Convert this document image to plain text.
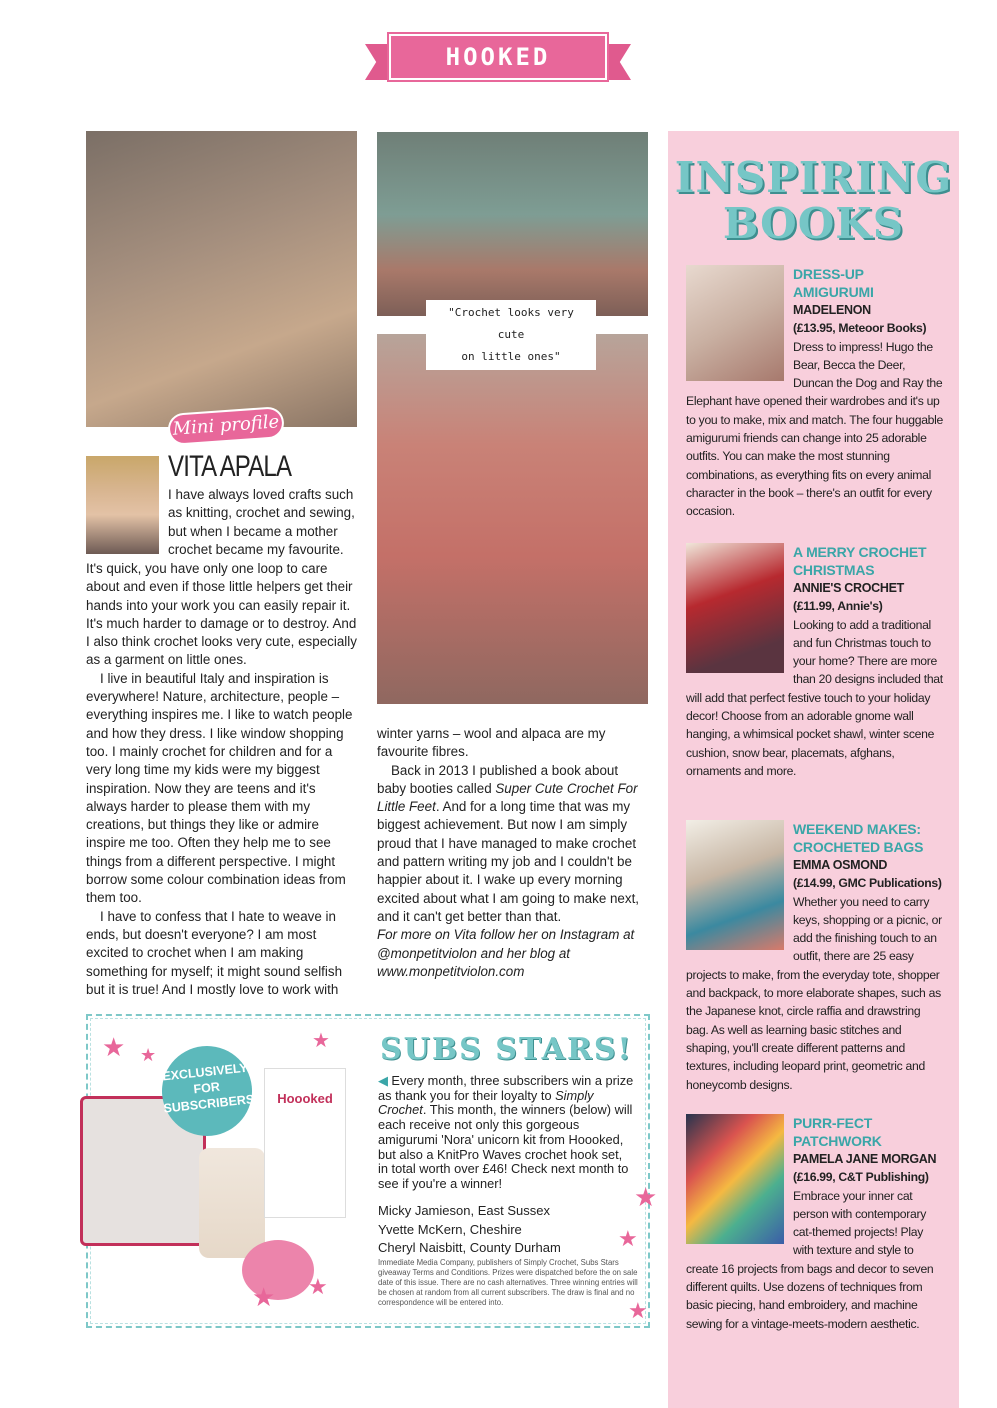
HOOKED
"Crochet looks very cute
on little ones"
Mini profile
VITA APALA

I have always loved crafts such as knitting, crochet and sewing, but when I became a mother crochet became my favourite.

It's quick, you have only one loop to care about and even if those little helpers get their hands into your work you can easily repair it. It's much harder to damage or to destroy. And I also think crochet looks very cute, especially as a garment on little ones.

I live in beautiful Italy and inspiration is everywhere! Nature, architecture, people – everything inspires me. I like to watch people and how they dress. I like window shopping too. I mainly crochet for children and for a very long time my kids were my biggest inspiration. Now they are teens and it's always harder to please them with my creations, but things they like or admire inspire me too. Often they help me to see things from a different perspective. I might borrow some colour combination ideas from them too.

I have to confess that I hate to weave in ends, but doesn't everyone? I am most excited to crochet when I am making something for myself; it might sound selfish but it is true! And I mostly love to work with

winter yarns – wool and alpaca are my favourite fibres.

Back in 2013 I published a book about baby booties called Super Cute Crochet For Little Feet. And for a long time that was my biggest achievement. But now I am simply proud that I have managed to make crochet and pattern writing my job and I couldn't be happier about it. I wake up every morning excited about what I am going to make next, and it can't get better than that.

For more on Vita follow her on Instagram at @monpetitviolon and her blog at www.monpetitviolon.com

INSPIRING
BOOKS
DRESS-UP AMIGURUMI
MADELENON
(£13.95, Meteoor Books)
Dress to impress! Hugo the Bear, Becca the Deer, Duncan the Dog and Ray the Elephant have opened their wardrobes and it's up to you to make, mix and match. The four huggable amigurumi friends can change into 25 adorable outfits. You can make the most stunning combinations, as everything fits on every animal character in the book – there's an outfit for every occasion.
A MERRY CROCHET CHRISTMAS
ANNIE'S CROCHET
(£11.99, Annie's)
Looking to add a traditional and fun Christmas touch to your home? There are more than 20 designs included that will add that perfect festive touch to your holiday decor! Choose from an adorable gnome wall hanging, a whimsical pocket shawl, winter scene cushion, snow bear, placemats, afghans, ornaments and more.
WEEKEND MAKES: CROCHETED BAGS
EMMA OSMOND
(£14.99, GMC Publications)
Whether you need to carry keys, shopping or a picnic, or add the finishing touch to an outfit, there are 25 easy projects to make, from the everyday tote, shopper and backpack, to more elaborate shapes, such as the Japanese knot, circle raffia and drawstring bag. As well as learning basic stitches and shaping, you'll create different patterns and textures, including leopard print, geometric and honeycomb designs.
PURR-FECT PATCHWORK
PAMELA JANE MORGAN
(£16.99, C&T Publishing)
Embrace your inner cat person with contemporary cat-themed projects! Play with texture and style to create 16 projects from bags and decor to seven different quilts. Use dozens of techniques from basic piecing, hand embroidery, and machine sewing for a vintage-meets-modern aesthetic.
Hoooked
EXCLUSIVELY FOR SUBSCRIBERS!
★ ★
★
★ ★
★
★
★
SUBS STARS!
◀ Every month, three subscribers win a prize as thank you for their loyalty to Simply Crochet. This month, the winners (below) will each receive not only this gorgeous amigurumi 'Nora' unicorn kit from Hoooked, but also a KnitPro Waves crochet hook set, in total worth over £46! Check next month to see if you're a winner!
Micky Jamieson, East Sussex
Yvette McKern, Cheshire
Cheryl Naisbitt, County Durham
Immediate Media Company, publishers of Simply Crochet, Subs Stars giveaway Terms and Conditions. Prizes were dispatched before the on sale date of this issue. There are no cash alternatives. Three winning entries will be chosen at random from all current subscribers. The draw is final and no correspondence will be entered into.
